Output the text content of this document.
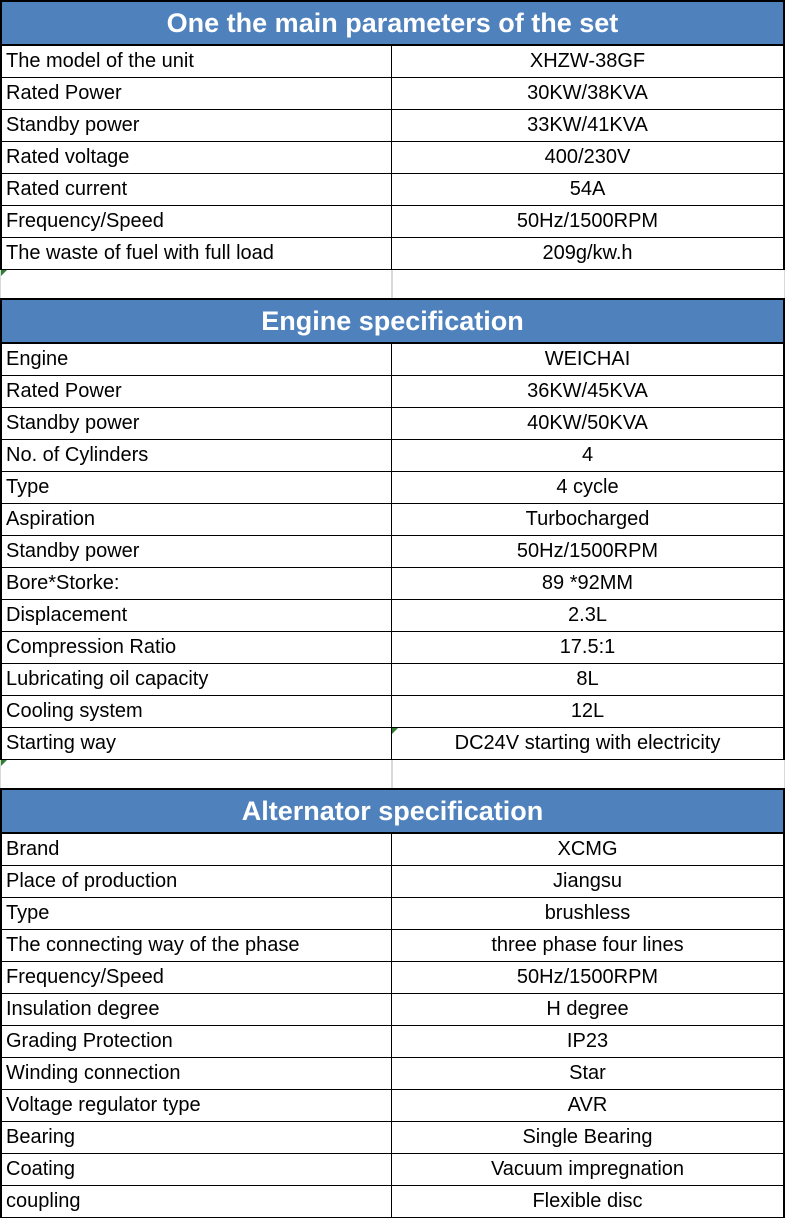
One the main parameters of the set
The model of the unit	XHZW-38GF
Rated Power	30KW/38KVA
Standby power	33KW/41KVA
Rated voltage	400/230V
Rated current	54A
Frequency/Speed	50Hz/1500RPM
The waste of fuel with full load	209g/kw.h
Engine specification
Engine	WEICHAI
Rated Power	36KW/45KVA
Standby power	40KW/50KVA
No. of Cylinders	4
Type	4 cycle
Aspiration	Turbocharged
Standby power	50Hz/1500RPM
Bore*Storke:	89 *92MM
Displacement	2.3L
Compression Ratio	17.5:1
Lubricating oil capacity	8L
Cooling system	12L
Starting way	DC24V starting with electricity
Alternator specification
Brand	XCMG
Place of production	Jiangsu
Type	brushless
The connecting way of the phase	three phase four lines
Frequency/Speed	50Hz/1500RPM
Insulation degree	H degree
Grading Protection	IP23
Winding connection	Star
Voltage regulator type	AVR
Bearing	Single Bearing
Coating	Vacuum impregnation
coupling	Flexible disc
